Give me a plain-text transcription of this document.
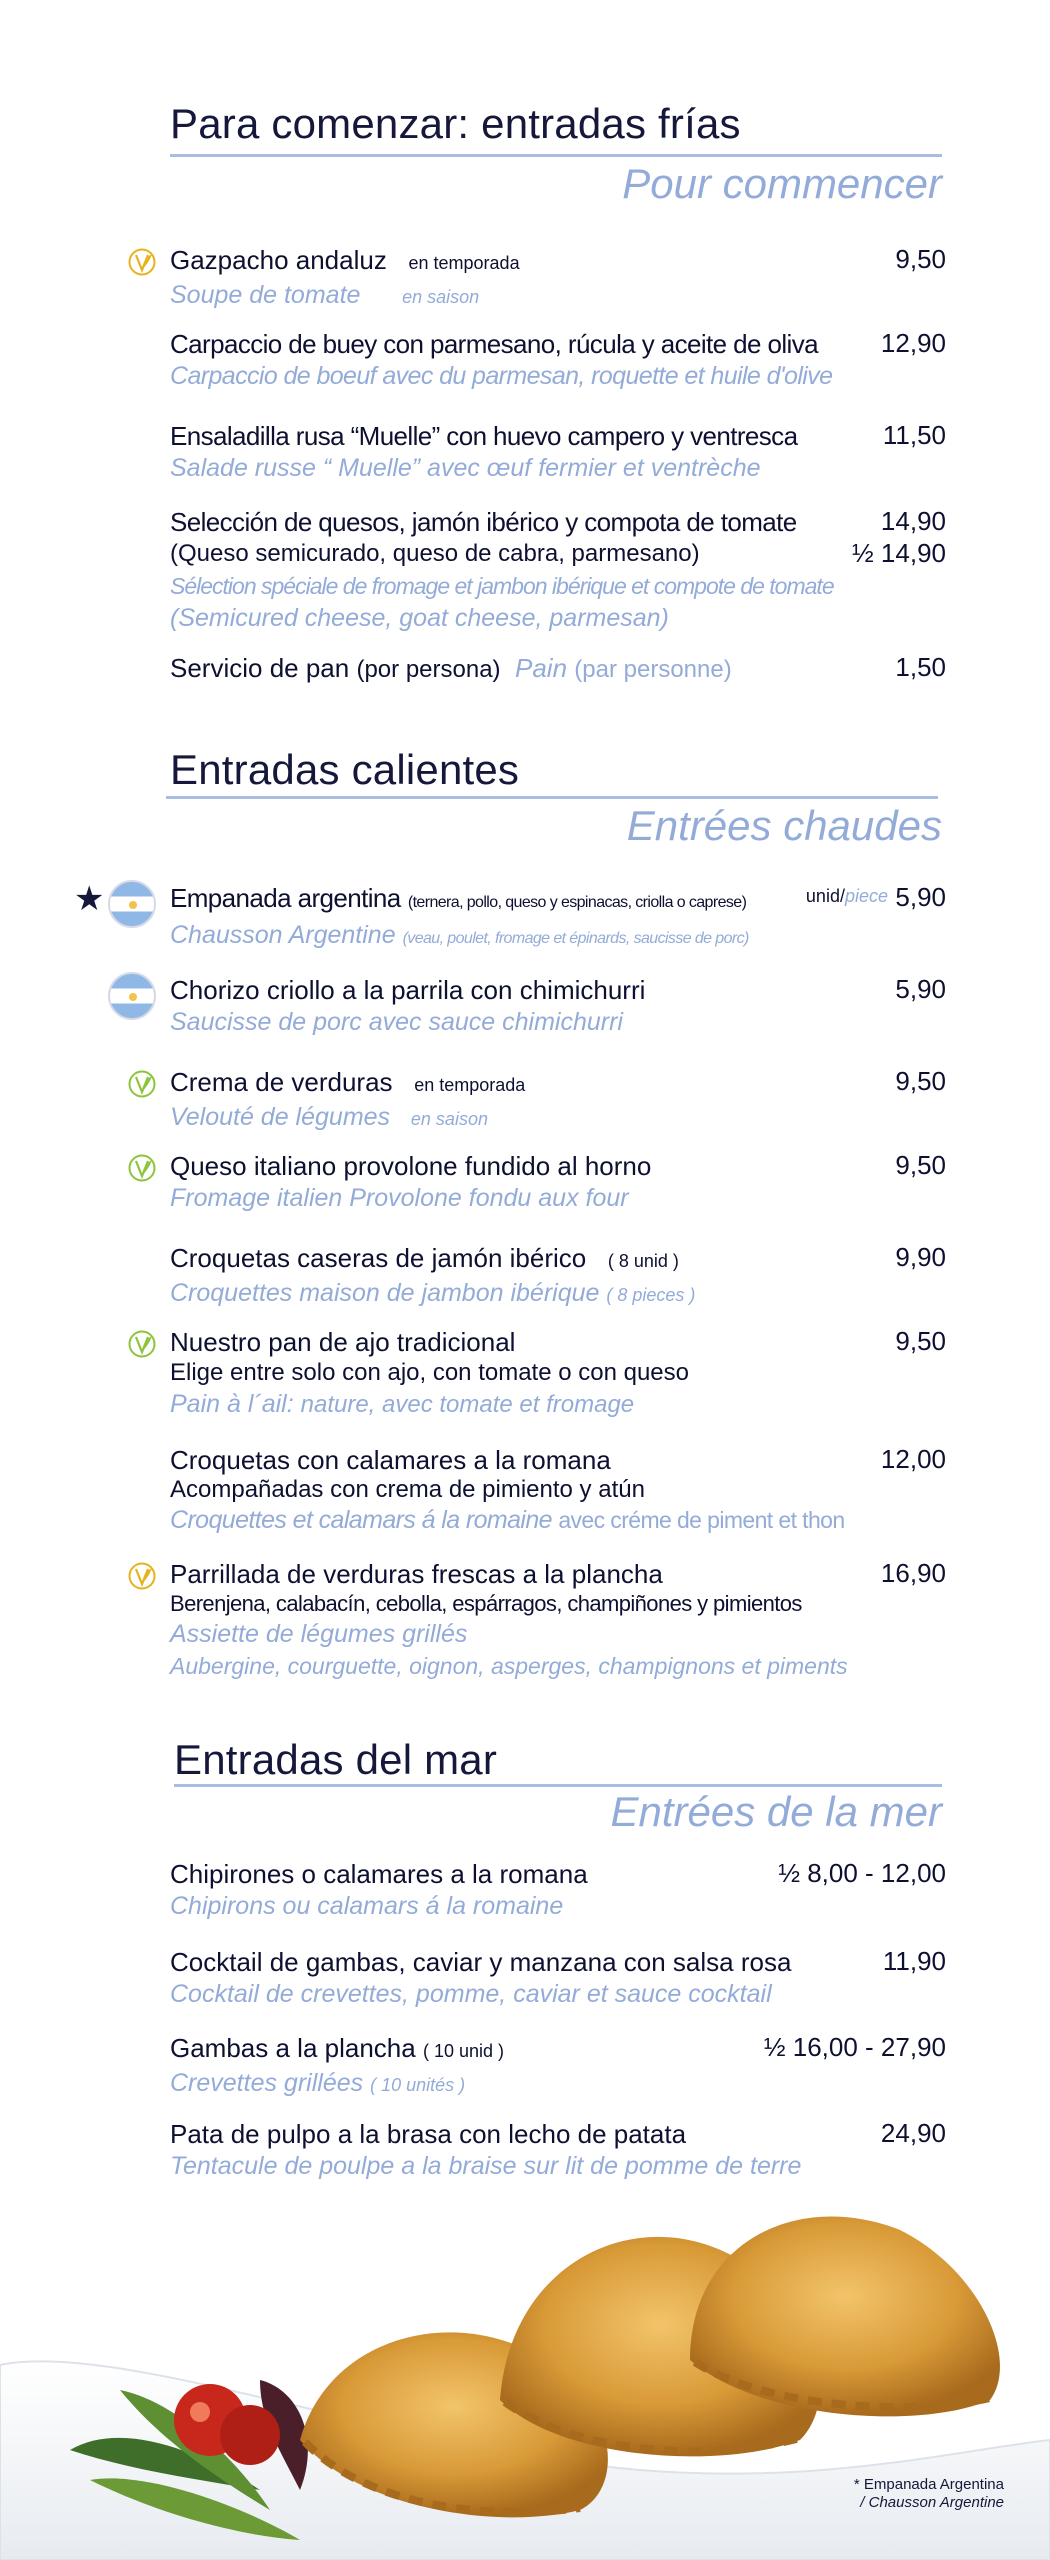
Para comenzar: entradas frías
Pour commencer
Gazpacho andaluz en temporada
Soupe de tomate en saison
9,50
Carpaccio de buey con parmesano, rúcula y aceite de oliva
Carpaccio de boeuf avec du parmesan, roquette et huile d'olive
12,90
Ensaladilla rusa “Muelle” con huevo campero y ventresca
Salade russe “ Muelle” avec œuf fermier et ventrèche
11,50
Selección de quesos, jamón ibérico y compota de tomate
(Queso semicurado, queso de cabra, parmesano)
Sélection spéciale de fromage et jambon ibérique et compote de tomate
(Semicured cheese, goat cheese, parmesan)
14,90
½ 14,90
Servicio de pan (por persona) Pain (par personne)	1,50
Entradas calientes
Entrées chaudes
★	Empanada argentina (ternera, pollo, queso y espinacas, criolla o caprese)
Chausson Argentine (veau, poulet, fromage et épinards, saucisse de porc)
unid/piece 5,90
Chorizo criollo a la parrila con chimichurri
Saucisse de porc avec sauce chimichurri
5,90
Crema de verduras en temporada
Velouté de légumes en saison
9,50
Queso italiano provolone fundido al horno
Fromage italien Provolone fondu aux four
9,50
Croquetas caseras de jamón ibérico ( 8 unid )
Croquettes maison de jambon ibérique ( 8 pieces )
9,90
Nuestro pan de ajo tradicional
Elige entre solo con ajo, con tomate o con queso
Pain à l´ail: nature, avec tomate et fromage
9,50
Croquetas con calamares a la romana
Acompañadas con crema de pimiento y atún
Croquettes et calamars á la romaine avec créme de piment et thon
12,00
Parrillada de verduras frescas a la plancha
Berenjena, calabacín, cebolla, espárragos, champiñones y pimientos
Assiette de légumes grillés
Aubergine, courguette, oignon, asperges, champignons et piments
16,90
Entradas del mar
Entrées de la mer
Chipirones o calamares a la romana
Chipirons ou calamars á la romaine
½ 8,00 - 12,00
Cocktail de gambas, caviar y manzana con salsa rosa
Cocktail de crevettes, pomme, caviar et sauce cocktail
11,90
Gambas a la plancha ( 10 unid )
Crevettes grillées ( 10 unités )
½ 16,00 - 27,90
Pata de pulpo a la brasa con lecho de patata
Tentacule de poulpe a la braise sur lit de pomme de terre
24,90
* Empanada Argentina
/ Chausson Argentine
